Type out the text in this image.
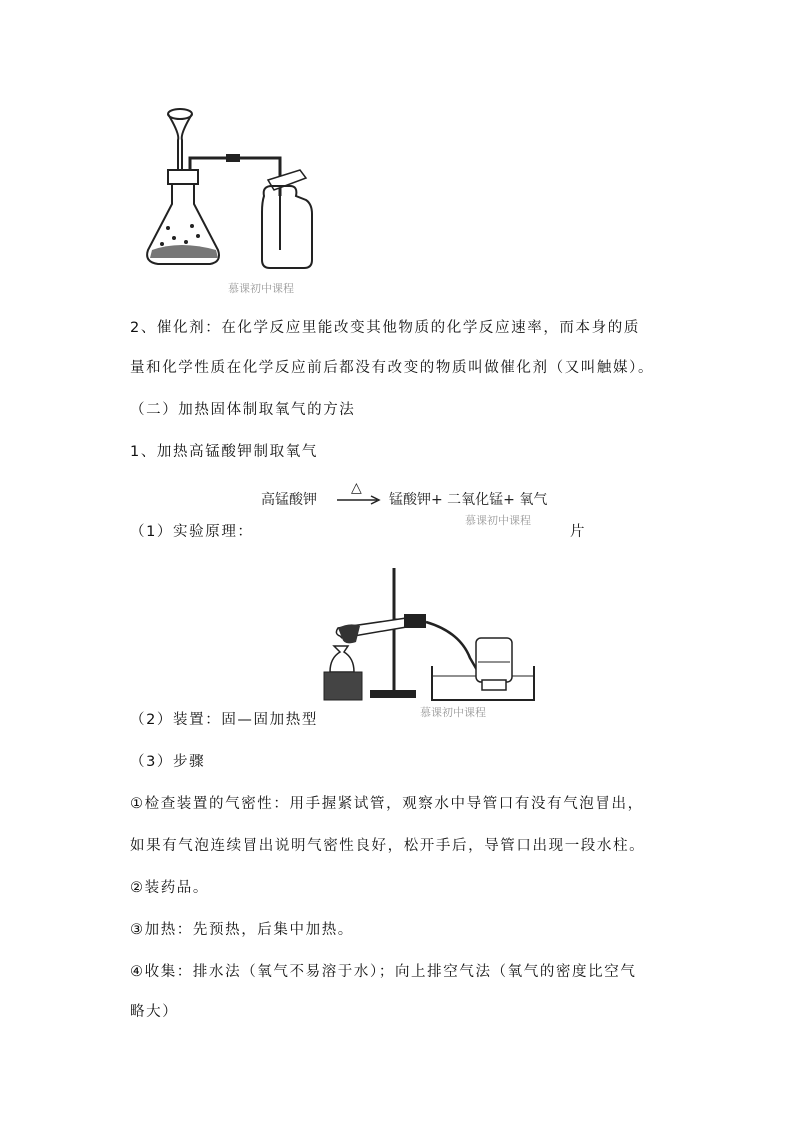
慕课初中课程
2、催化剂：在化学反应里能改变其他物质的化学反应速率，而本身的质
量和化学性质在化学反应前后都没有改变的物质叫做催化剂（又叫触媒）。
（二）加热固体制取氧气的方法
1、加热高锰酸钾制取氧气
高锰酸钾
△
锰酸钾+ 二氧化锰+ 氧气
慕课初中课程
（1）实验原理：	片
慕课初中课程
（2）装置：固—固加热型
（3）步骤
①检查装置的气密性：用手握紧试管，观察水中导管口有没有气泡冒出，
如果有气泡连续冒出说明气密性良好，松开手后，导管口出现一段水柱。
②装药品。
③加热：先预热，后集中加热。
④收集：排水法（氧气不易溶于水）；向上排空气法（氧气的密度比空气
略大）
